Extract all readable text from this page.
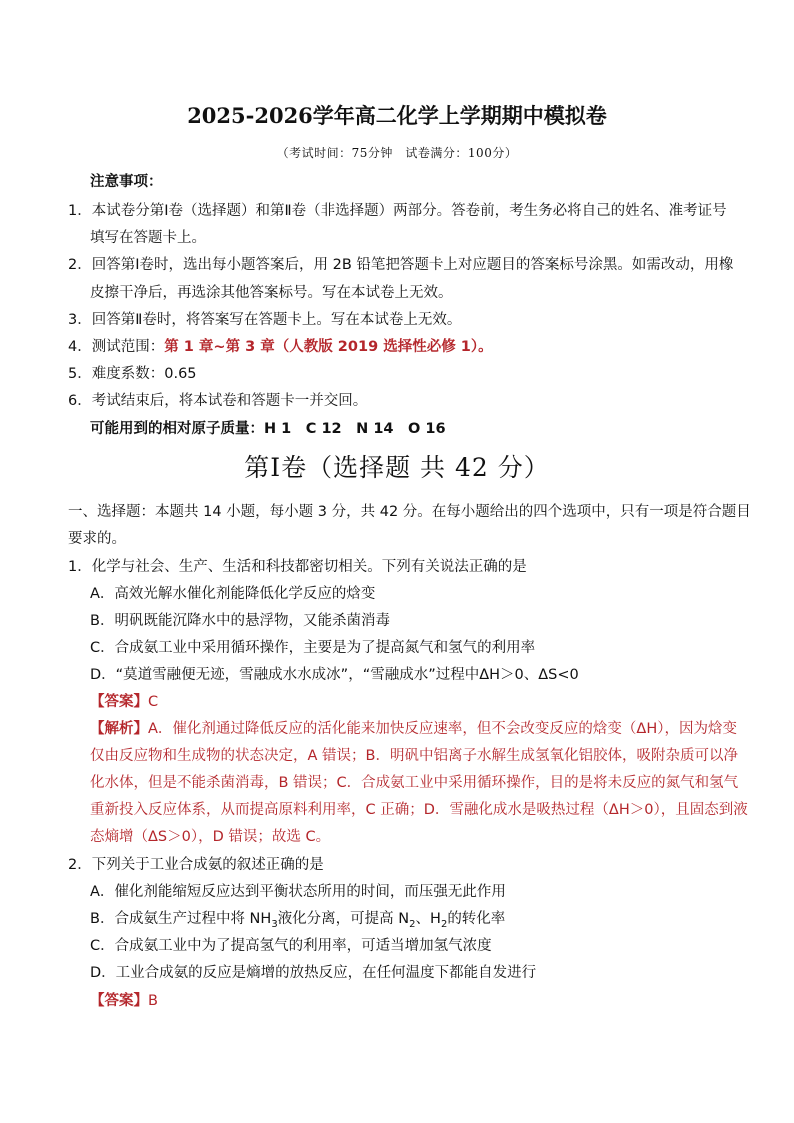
2025-2026学年高二化学上学期期中模拟卷
（考试时间：75分钟　试卷满分：100分）
注意事项：
1．本试卷分第Ⅰ卷（选择题）和第Ⅱ卷（非选择题）两部分。答卷前，考生务必将自己的姓名、准考证号
填写在答题卡上。
2．回答第Ⅰ卷时，选出每小题答案后，用 2B 铅笔把答题卡上对应题目的答案标号涂黑。如需改动，用橡
皮擦干净后，再选涂其他答案标号。写在本试卷上无效。
3．回答第Ⅱ卷时，将答案写在答题卡上。写在本试卷上无效。
4．测试范围：第 1 章~第 3 章（人教版 2019 选择性必修 1）。
5．难度系数：0.65
6．考试结束后，将本试卷和答题卡一并交回。
可能用到的相对原子质量：H 1　C 12　N 14　O 16
第Ⅰ卷（选择题 共 42 分）
一、选择题：本题共 14 小题，每小题 3 分，共 42 分。在每小题给出的四个选项中，只有一项是符合题目
要求的。
1．化学与社会、生产、生活和科技都密切相关。下列有关说法正确的是
A．高效光解水催化剂能降低化学反应的焓变
B．明矾既能沉降水中的悬浮物，又能杀菌消毒
C．合成氨工业中采用循环操作，主要是为了提高氮气和氢气的利用率
D．“莫道雪融便无迹，雪融成水水成冰”，“雪融成水”过程中ΔH＞0、ΔS<0
【答案】C
【解析】A．催化剂通过降低反应的活化能来加快反应速率，但不会改变反应的焓变（ΔH），因为焓变
仅由反应物和生成物的状态决定，A 错误；B．明矾中铝离子水解生成氢氧化铝胶体，吸附杂质可以净
化水体，但是不能杀菌消毒，B 错误；C．合成氨工业中采用循环操作，目的是将未反应的氮气和氢气
重新投入反应体系，从而提高原料利用率，C 正确；D．雪融化成水是吸热过程（ΔH＞0），且固态到液
态熵增（ΔS＞0），D 错误；故选 C。
2．下列关于工业合成氨的叙述正确的是
A．催化剂能缩短反应达到平衡状态所用的时间，而压强无此作用
B．合成氨生产过程中将 $NH_3$液化分离，可提高 $N_2$、$H_2$的转化率
C．合成氨工业中为了提高氢气的利用率，可适当增加氢气浓度
D．工业合成氨的反应是熵增的放热反应，在任何温度下都能自发进行
【答案】B
